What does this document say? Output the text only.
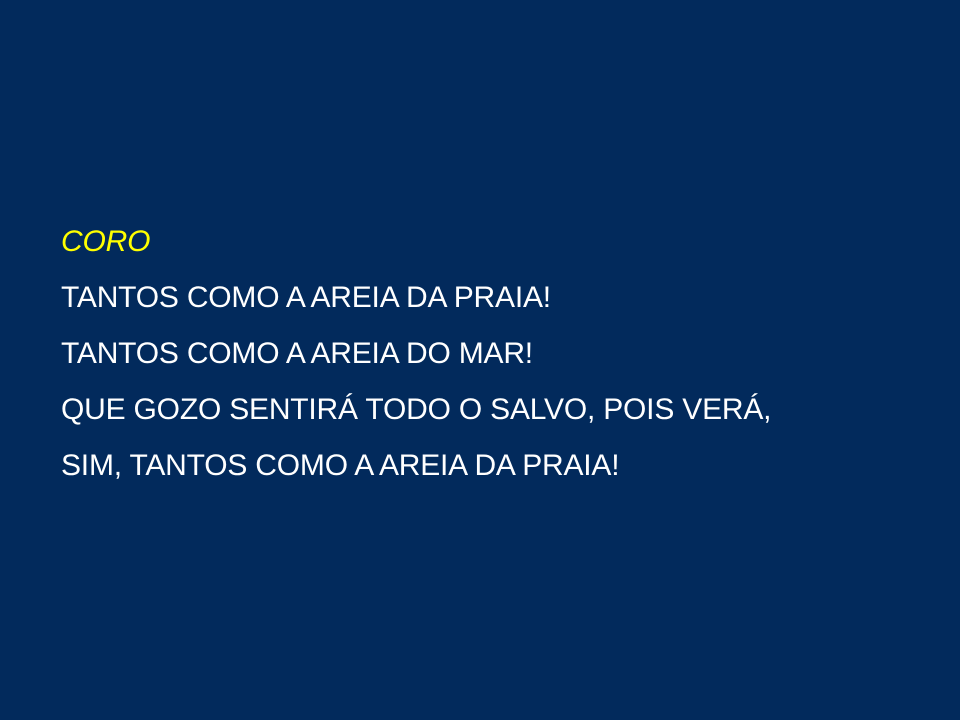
CORO
TANTOS COMO A AREIA DA PRAIA!
TANTOS COMO A AREIA DO MAR!
QUE GOZO SENTIRÁ TODO O SALVO, POIS VERÁ,
SIM, TANTOS COMO A AREIA DA PRAIA!
